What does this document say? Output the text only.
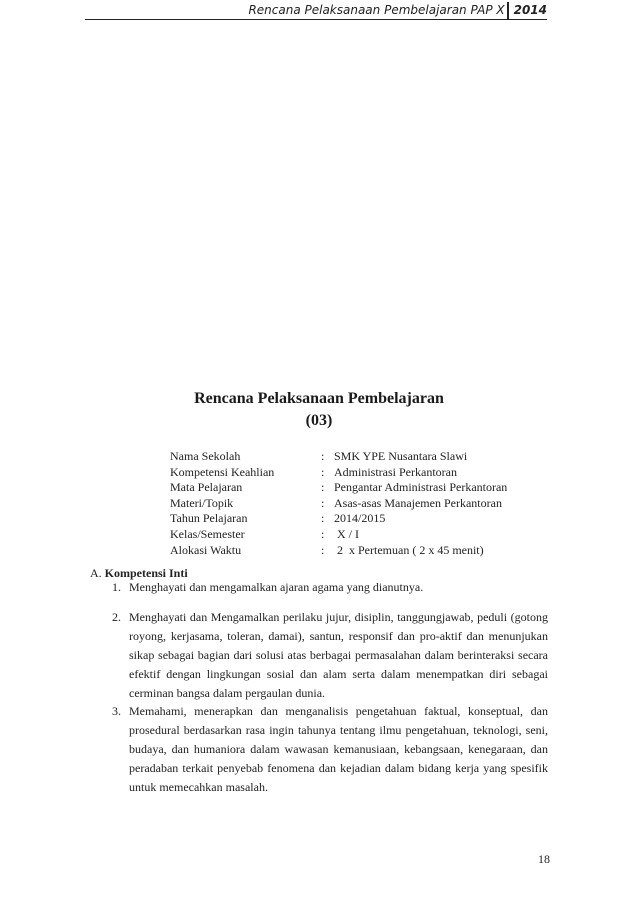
Rencana Pelaksanaan Pembelajaran PAP X 2014
Rencana Pelaksanaan Pembelajaran
(03)
Nama Sekolah	: SMK YPE Nusantara Slawi
Kompetensi Keahlian	: Administrasi Perkantoran
Mata Pelajaran	: Pengantar Administrasi Perkantoran
Materi/Topik	: Asas-asas Manajemen Perkantoran
Tahun Pelajaran	: 2014/2015
Kelas/Semester	: X / I
Alokasi Waktu	: 2  x Pertemuan ( 2 x 45 menit)
A. Kompetensi Inti
1. Menghayati dan mengamalkan ajaran agama yang dianutnya.
2. Menghayati dan Mengamalkan perilaku jujur, disiplin, tanggungjawab, peduli (gotong royong, kerjasama, toleran, damai), santun, responsif dan pro-aktif dan menunjukan sikap sebagai bagian dari solusi atas berbagai permasalahan dalam berinteraksi secara efektif dengan lingkungan sosial dan alam serta dalam menempatkan diri sebagai cerminan bangsa dalam pergaulan dunia.
3. Memahami, menerapkan dan menganalisis pengetahuan faktual, konseptual, dan prosedural berdasarkan rasa ingin tahunya tentang ilmu pengetahuan, teknologi, seni, budaya, dan humaniora dalam wawasan kemanusiaan, kebangsaan, kenegaraan, dan peradaban terkait penyebab fenomena dan kejadian dalam bidang kerja yang spesifik untuk memecahkan masalah.
18
